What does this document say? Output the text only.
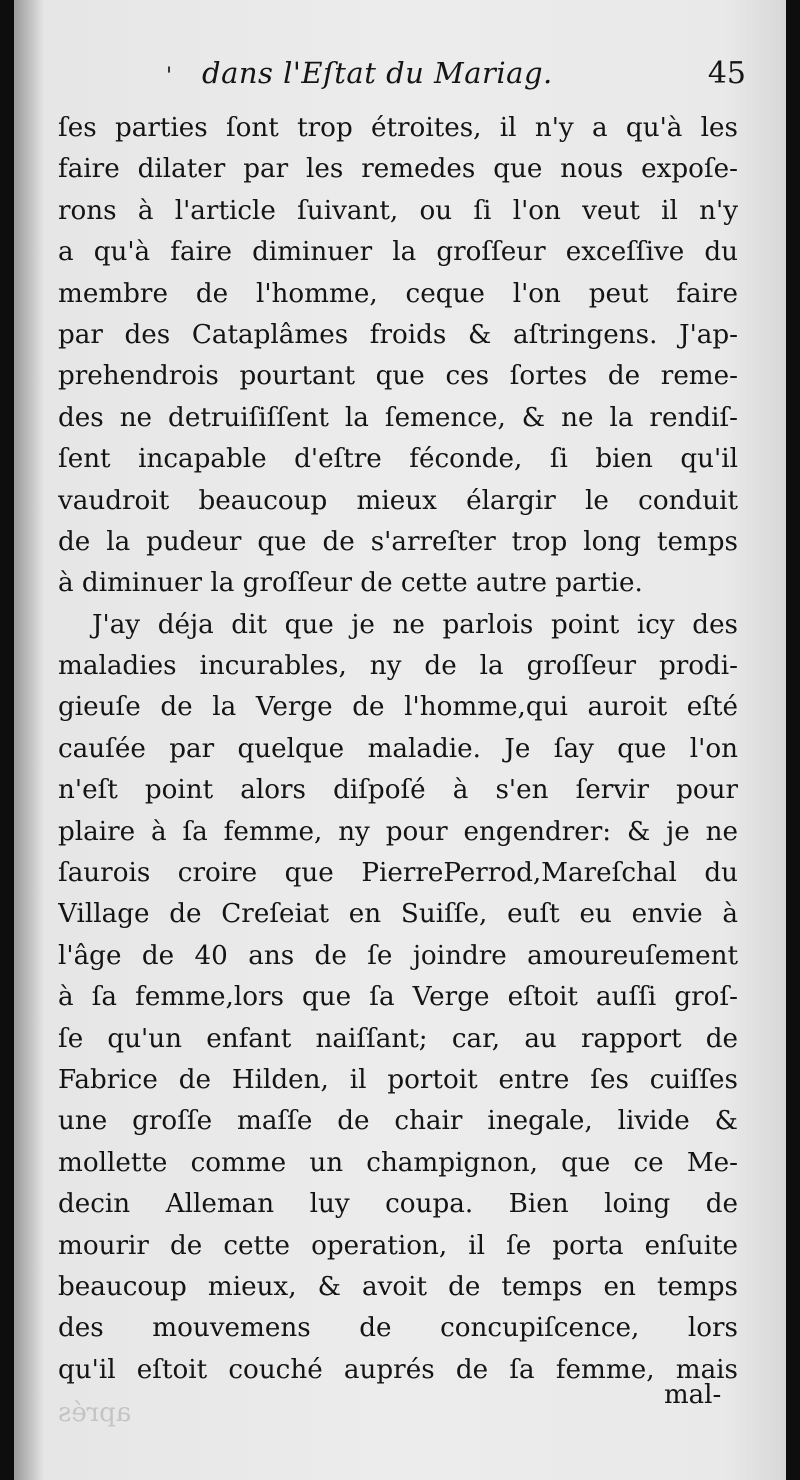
' dans l'Eſtat du Mariag.	45
ſes parties ſont trop étroites, il n'y a qu'à les
faire dilater par les remedes que nous expoſe-
rons à l'article ſuivant, ou ſi l'on veut il n'y
a qu'à faire diminuer la groſſeur exceſſive du
membre de l'homme, ceque l'on peut faire
par des Cataplâmes froids & aſtringens. J'ap-
prehendrois pourtant que ces ſortes de reme-
des ne detruiſiſſent la ſemence, & ne la rendiſ-
ſent incapable d'eſtre féconde, ſi bien qu'il
vaudroit beaucoup mieux élargir le conduit
de la pudeur que de s'arreſter trop long temps
à diminuer la groſſeur de cette autre partie.
J'ay déja dit que je ne parlois point icy des
maladies incurables, ny de la groſſeur prodi-
gieuſe de la Verge de l'homme,qui auroit eſté
cauſée par quelque maladie. Je ſay que l'on
n'eſt point alors diſpoſé à s'en ſervir pour
plaire à ſa femme, ny pour engendrer: & je ne
ſaurois croire que PierrePerrod,Mareſchal du
Village de Creſeiat en Suiſſe, euſt eu envie à
l'âge de 40 ans de ſe joindre amoureuſement
à ſa femme,lors que ſa Verge eſtoit auſſi groſ-
ſe qu'un enfant naiſſant; car, au rapport de
Fabrice de Hilden, il portoit entre ſes cuiſſes
une groſſe maſſe de chair inegale, livide &
mollette comme un champignon, que ce Me-
decin Alleman luy coupa. Bien loing de
mourir de cette operation, il ſe porta enſuite
beaucoup mieux, & avoit de temps en temps
des mouvemens de concupiſcence, lors
qu'il eſtoit couché auprés de ſa femme, mais
aprés
mal-
